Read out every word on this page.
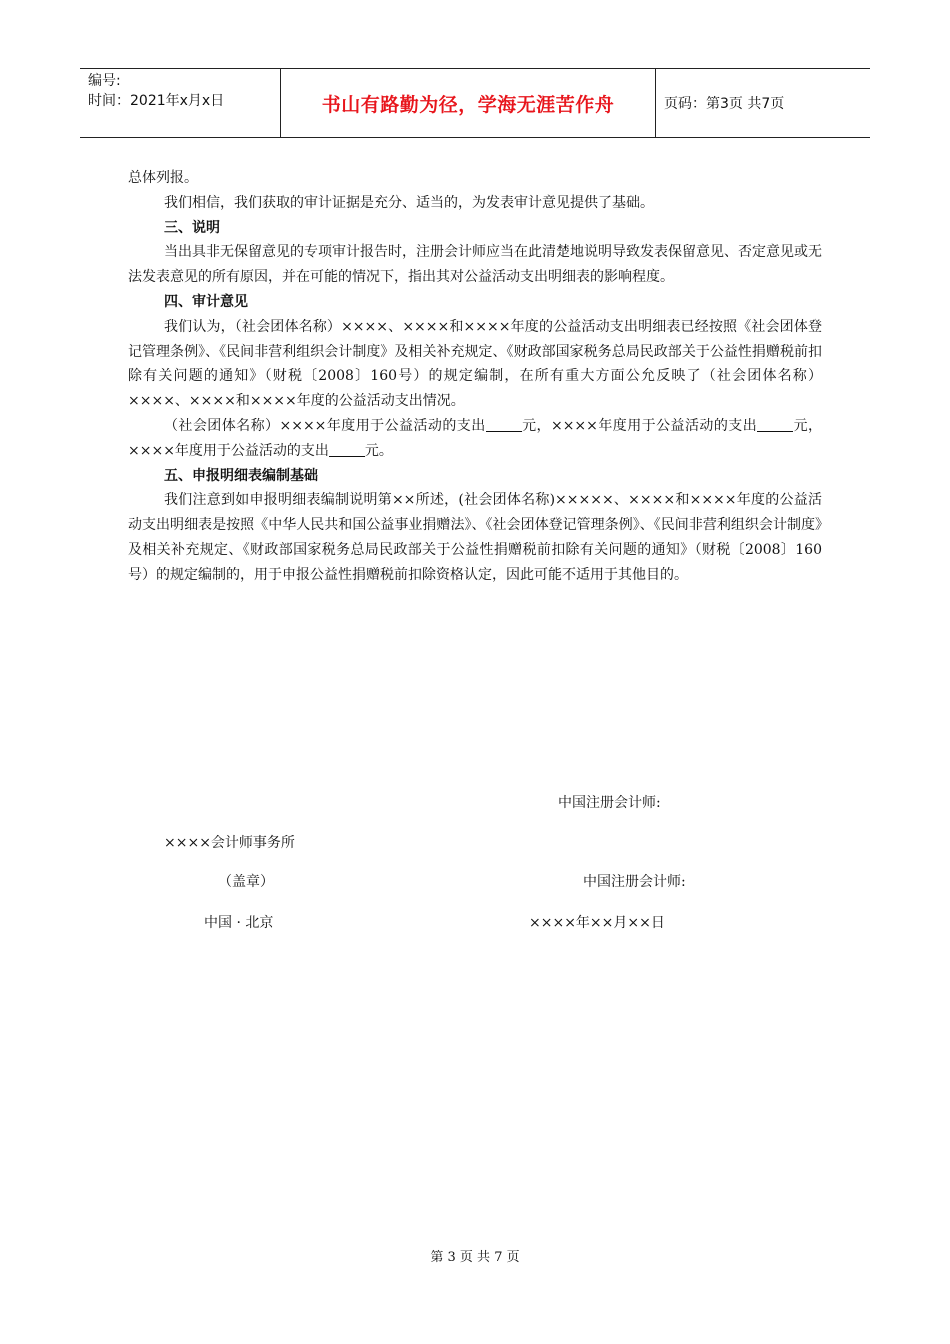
编号:
时间：2021年x月x日	书山有路勤为径，学海无涯苦作舟	页码：第3页 共7页

总体列报。

我们相信，我们获取的审计证据是充分、适当的，为发表审计意见提供了基础。

三、说明

当出具非无保留意见的专项审计报告时，注册会计师应当在此清楚地说明导致发表保留意见、否定意见或无法发表意见的所有原因，并在可能的情况下，指出其对公益活动支出明细表的影响程度。

四、审计意见

我们认为，（社会团体名称）××××、××××和××××年度的公益活动支出明细表已经按照《社会团体登记管理条例》、《民间非营利组织会计制度》及相关补充规定、《财政部国家税务总局民政部关于公益性捐赠税前扣除有关问题的通知》（财税〔2008〕160号）的规定编制，在所有重大方面公允反映了（社会团体名称）××××、××××和××××年度的公益活动支出情况。

（社会团体名称）××××年度用于公益活动的支出	元，××××年度用于公益活动的支出	元，××××年度用于公益活动的支出	元。

五、申报明细表编制基础

我们注意到如申报明细表编制说明第××所述，(社会团体名称)×××××、××××和××××年度的公益活动支出明细表是按照《中华人民共和国公益事业捐赠法》、《社会团体登记管理条例》、《民间非营利组织会计制度》及相关补充规定、《财政部国家税务总局民政部关于公益性捐赠税前扣除有关问题的通知》（财税〔2008〕160号）的规定编制的，用于申报公益性捐赠税前扣除资格认定，因此可能不适用于其他目的。

中国注册会计师:
××××会计师事务所
（盖章）	中国注册会计师:
中国 · 北京	××××年××月××日
第 3 页 共 7 页
